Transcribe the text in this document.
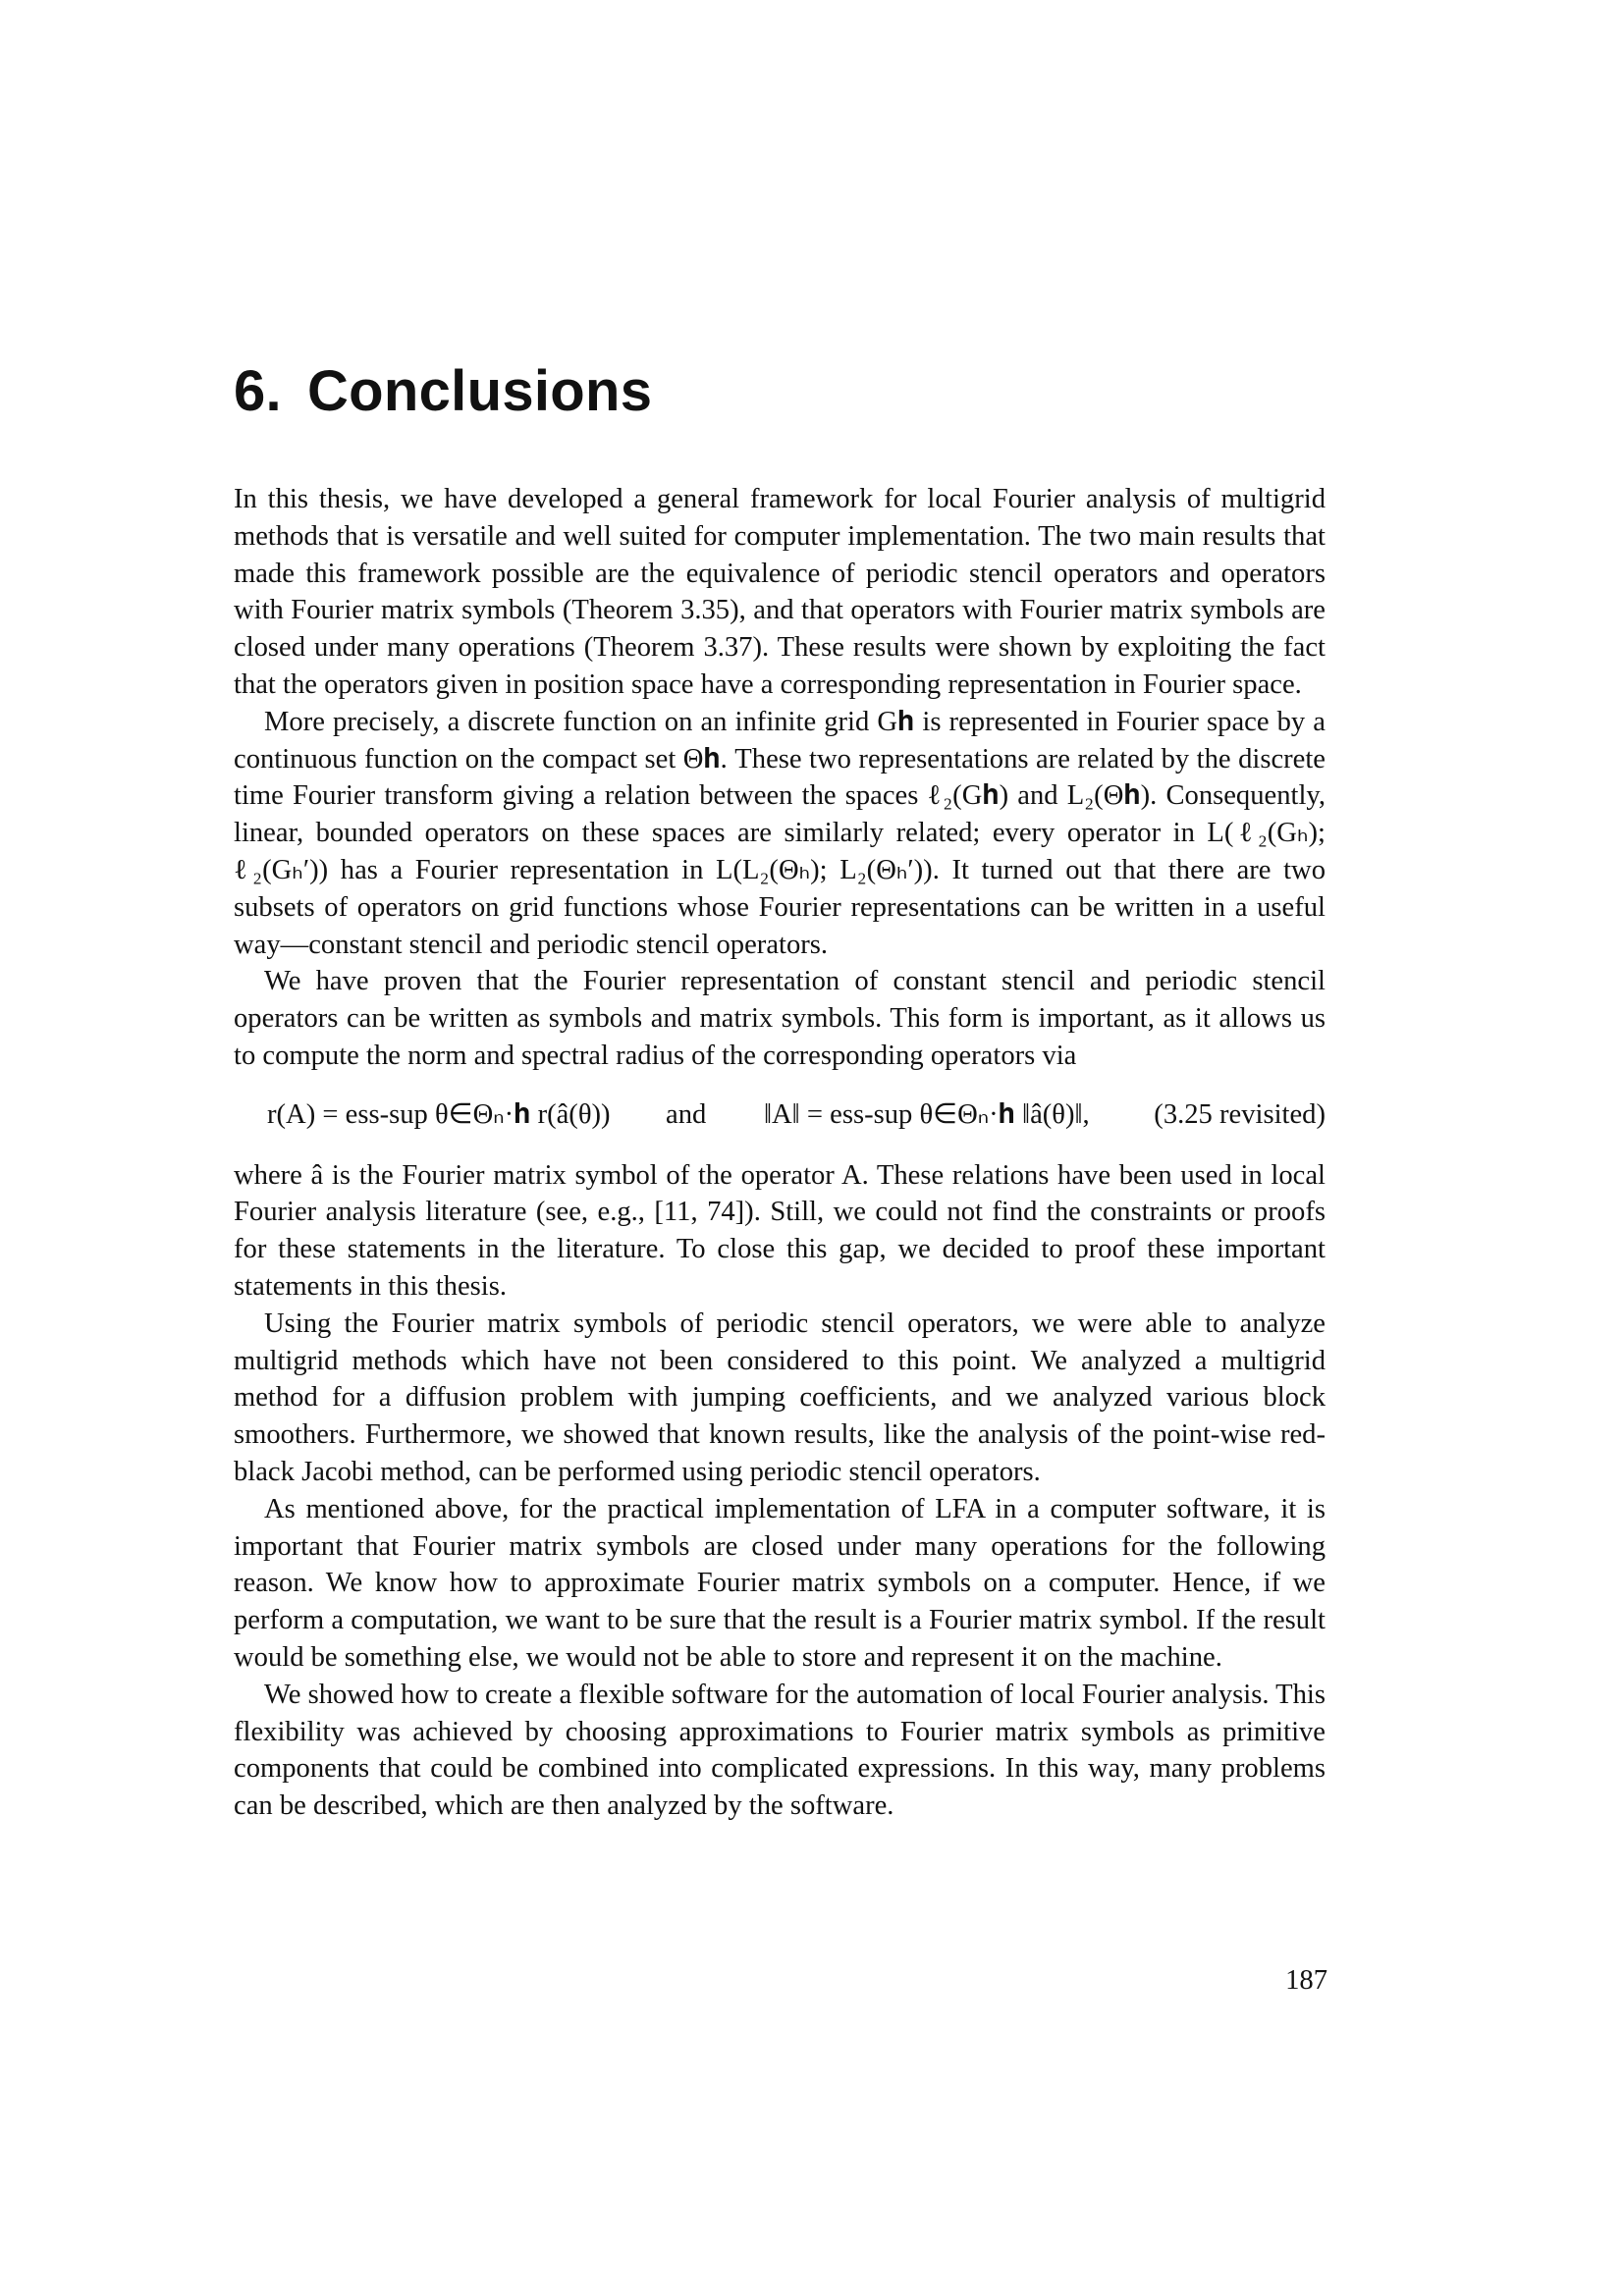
6. Conclusions

In this thesis, we have developed a general framework for local Fourier analysis of multigrid methods that is versatile and well suited for computer implementation. The two main results that made this framework possible are the equivalence of periodic stencil operators and operators with Fourier matrix symbols (Theorem 3.35), and that operators with Fourier matrix symbols are closed under many operations (Theorem 3.37). These results were shown by exploiting the fact that the operators given in position space have a corresponding representation in Fourier space.

More precisely, a discrete function on an infinite grid G𝐡 is represented in Fourier space by a continuous function on the compact set Θ𝐡. These two representations are related by the discrete time Fourier transform giving a relation between the spaces ℓ₂(G𝐡) and L₂(Θ𝐡). Consequently, linear, bounded operators on these spaces are similarly related; every operator in L(ℓ₂(Gₕ); ℓ₂(Gₕ′)) has a Fourier representation in L(L₂(Θₕ); L₂(Θₕ′)). It turned out that there are two subsets of operators on grid functions whose Fourier representations can be written in a useful way—constant stencil and periodic stencil operators.

We have proven that the Fourier representation of constant stencil and periodic stencil operators can be written as symbols and matrix symbols. This form is important, as it allows us to compute the norm and spectral radius of the corresponding operators via

r(A) = ess-sup θ∈Θₙ·𝐡 r(â(θ)) and ‖A‖ = ess-sup θ∈Θₙ·𝐡 ‖â(θ)‖, (3.25 revisited)

where â is the Fourier matrix symbol of the operator A. These relations have been used in local Fourier analysis literature (see, e.g., [11, 74]). Still, we could not find the constraints or proofs for these statements in the literature. To close this gap, we decided to proof these important statements in this thesis.

Using the Fourier matrix symbols of periodic stencil operators, we were able to analyze multigrid methods which have not been considered to this point. We analyzed a multigrid method for a diffusion problem with jumping coefficients, and we analyzed various block smoothers. Furthermore, we showed that known results, like the analysis of the point-wise red-black Jacobi method, can be performed using periodic stencil operators.

As mentioned above, for the practical implementation of LFA in a computer software, it is important that Fourier matrix symbols are closed under many operations for the following reason. We know how to approximate Fourier matrix symbols on a computer. Hence, if we perform a computation, we want to be sure that the result is a Fourier matrix symbol. If the result would be something else, we would not be able to store and represent it on the machine.

We showed how to create a flexible software for the automation of local Fourier analysis. This flexibility was achieved by choosing approximations to Fourier matrix symbols as primitive components that could be combined into complicated expressions. In this way, many problems can be described, which are then analyzed by the software.

187
